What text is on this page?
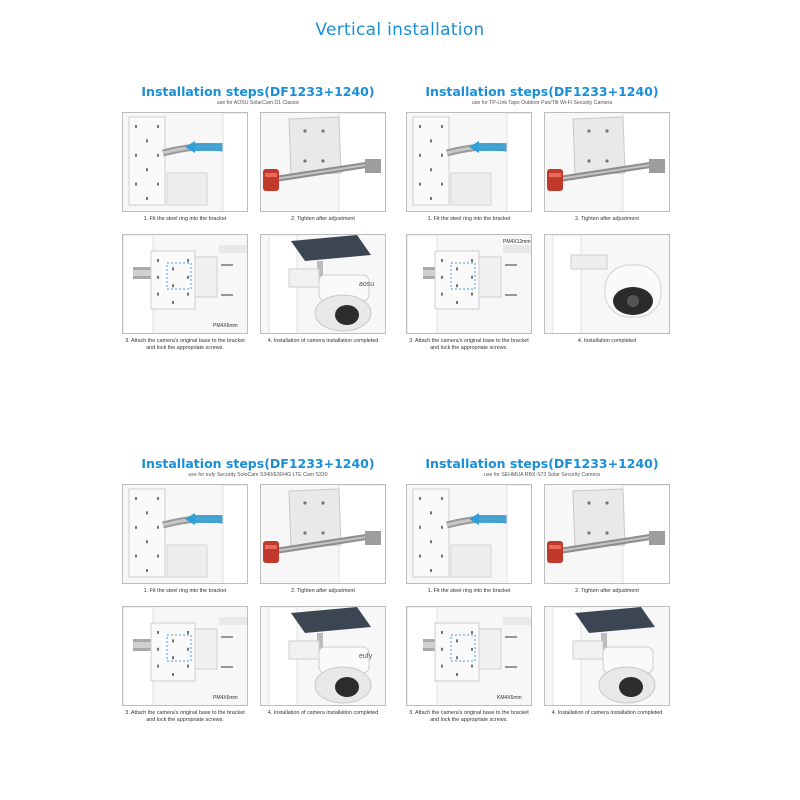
Vertical installation
Installation steps(DF1233+1240)
use for AOSU SolarCam D1 Classic
1. Fit the steel ring into the bracket	2. Tighten after adjustment
PM4X6mm
3. Attach the camera's original base to the bracket and lock the appropriate screws.
aosu
4. Installation of camera installation completed
Installation steps(DF1233+1240)
use for TP-Link Tapo Outdoor Pan/Tilt Wi-Fi Security Camera
1. Fit the steel ring into the bracket	2. Tighten after adjustment
PM4X12mm
3. Attach the camera's original base to the bracket and lock the appropriate screws.
4. Installation completed
Installation steps(DF1233+1240)
use for eufy Security SoloCam S340/E30/4G LTE Cam S330
1. Fit the steel ring into the bracket	2. Tighten after adjustment
PM4X6mm
3. Attach the camera's original base to the bracket and lock the appropriate screws.
eufy
4. Installation of camera installation completed
Installation steps(DF1233+1240)
use for SEHMUA RBX-S73 Solar Security Camera
1. Fit the steel ring into the bracket	2. Tighten after adjustment
KM4X6mm
3. Attach the camera's original base to the bracket and lock the appropriate screws.
4. Installation of camera installation completed
